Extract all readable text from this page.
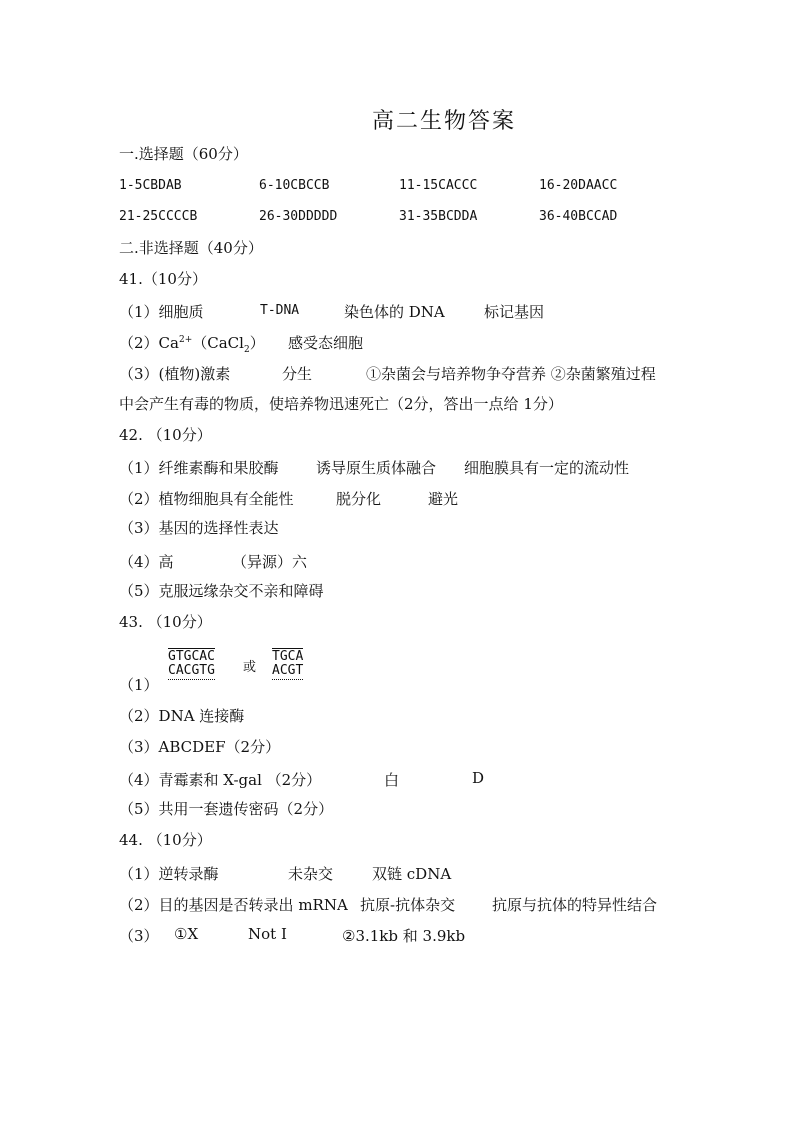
高二生物答案
一.选择题（60分）
1-5CBDAB	6-10CBCCB	11-15CACCC	16-20DAACC
21-25CCCCB	26-30DDDDD	31-35BCDDA	36-40BCCAD
二.非选择题（40分）
41.（10分）
（1）细胞质	T-DNA	染色体的 DNA	标记基因
$(2)Ca^{2+}(CaCl_2)$ 感受态细胞
（3）(植物)激素	分生	①杂菌会与培养物争夺营养 ②杂菌繁殖过程
中会产生有毒的物质，使培养物迅速死亡（2分，答出一点给 1分）
42. （10分）
（1）纤维素酶和果胶酶 诱导原生质体融合 细胞膜具有一定的流动性
（2）植物细胞具有全能性	脱分化	避光
（3）基因的选择性表达
（4）高	（异源）六
（5）克服远缘杂交不亲和障碍
43. （10分）
（1）
GTGCAC
CACGTG 或
TGCA
ACGT
（2）DNA 连接酶
（3）ABCDEF（2分）
（4）青霉素和 X-gal （2分）	白	D
（5）共用一套遗传密码（2分）
44. （10分）
（1）逆转录酶	未杂交	双链 cDNA
（2）目的基因是否转录出 mRNA 抗原-抗体杂交 抗原与抗体的特异性结合
（3） ①X	Not Ⅰ	②3.1kb 和 3.9kb
